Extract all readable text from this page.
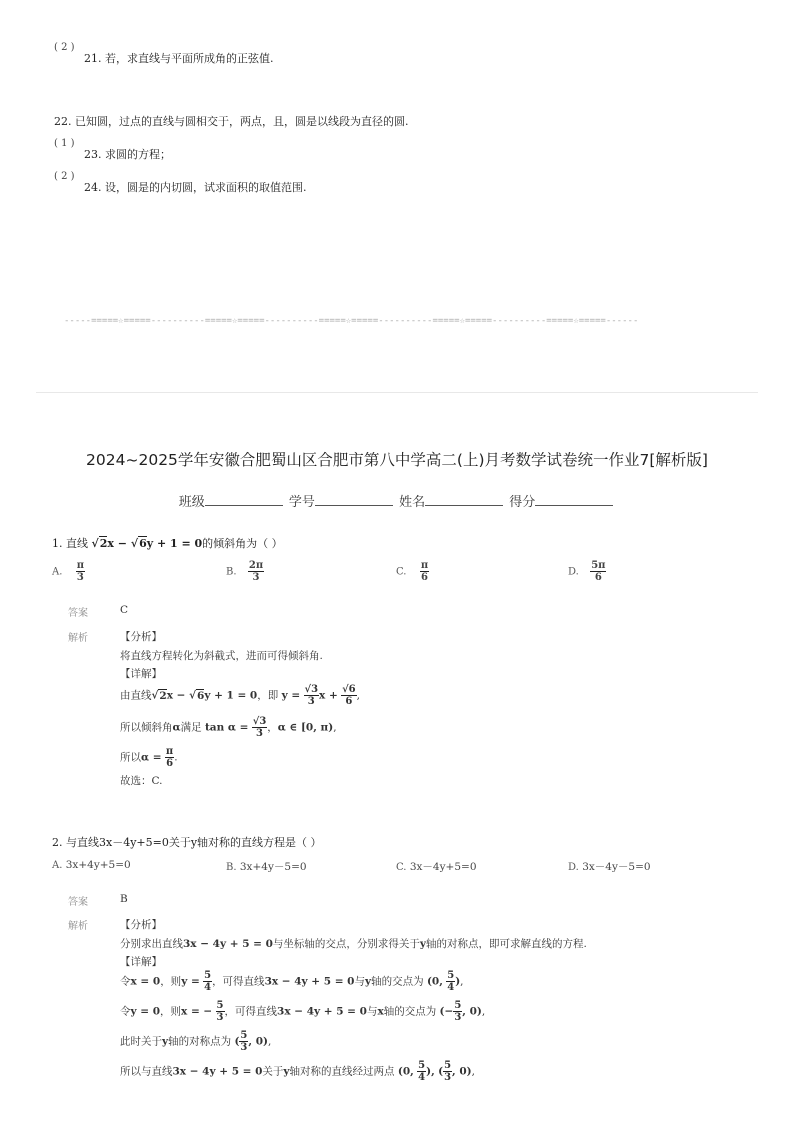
( 2 )
21. 若，求直线与平面所成角的正弦值.
22. 已知圆，过点的直线与圆相交于，两点，且，圆是以线段为直径的圆.
( 1 )
23. 求圆的方程；
( 2 )
24. 设，圆是的内切圆，试求面积的取值范围.
-----=====☆=====----------=====☆=====----------=====☆=====----------=====☆=====----------=====☆=====------
2024~2025学年安徽合肥蜀山区合肥市第八中学高二(上)月考数学试卷统一作业7[解析版]
班级	学号	姓名	得分
1. 直线 √2x − √6y + 1 = 0的倾斜角为（ ）
A. $\frac{\pi}{3}$	B. $\frac{2\pi}{3}$	C. $\frac{\pi}{6}$	D. $\frac{5\pi}{6}$
答案	C
解析	【分析】
将直线方程转化为斜截式，进而可得倾斜角.
【详解】
由直线√2x − √6y + 1 = 0，即 $y = \frac{√3}{3}$ $x + \frac{√6}{6}$ ,
所以倾斜角α满足 $\tan \alpha = \frac{√3}{3}$ ，α ∈ [0, π),
所以$\alpha = \frac{\pi}{6}$ .
故选：C.
2. 与直线3x－4y+5=0关于y轴对称的直线方程是（ ）
A. 3x+4y+5=0	B. 3x+4y－5=0	C. 3x－4y+5=0	D. 3x－4y－5=0
答案	B
解析	【分析】
分别求出直线3x − 4y + 5 = 0与坐标轴的交点，分别求得关于y轴的对称点，即可求解直线的方程.
【详解】
令x = 0，则$y = \frac{5}{4}$ ，可得直线3x − 4y + 5 = 0与y轴的交点为 (0, $\frac{5}{4}$ ),
令y = 0，则x = − $\frac{5}{3}$ ，可得直线3x − 4y + 5 = 0与x轴的交点为 (− $\frac{5}{3}$ , 0),
此时关于y轴的对称点为 ( $\frac{5}{3}$ , 0),
所以与直线3x − 4y + 5 = 0关于y轴对称的直线经过两点 (0, $\frac{5}{4}$ ), ( $\frac{5}{3}$ , 0),
